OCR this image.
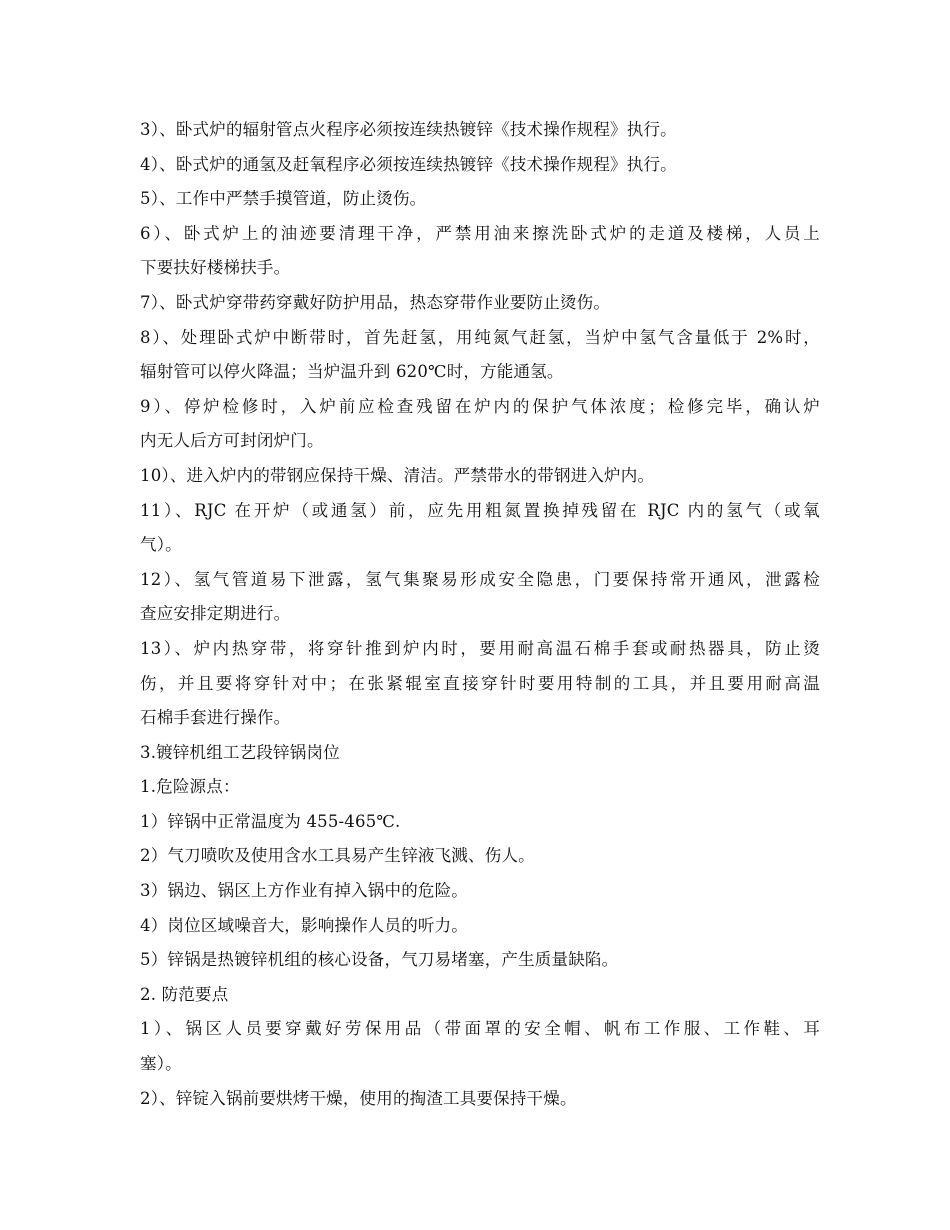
3）、卧式炉的辐射管点火程序必须按连续热镀锌《技术操作规程》执行。
4）、卧式炉的通氢及赶氧程序必须按连续热镀锌《技术操作规程》执行。
5）、工作中严禁手摸管道，防止烫伤。
6）、卧式炉上的油迹要清理干净，严禁用油来擦洗卧式炉的走道及楼梯，人员上
下要扶好楼梯扶手。
7）、卧式炉穿带药穿戴好防护用品，热态穿带作业要防止烫伤。
8）、处理卧式炉中断带时，首先赶氢，用纯氮气赶氢，当炉中氢气含量低于 2%时，
辐射管可以停火降温；当炉温升到 620℃时，方能通氢。
9）、停炉检修时，入炉前应检查残留在炉内的保护气体浓度；检修完毕，确认炉
内无人后方可封闭炉门。
10）、进入炉内的带钢应保持干燥、清洁。严禁带水的带钢进入炉内。
11）、RJC 在开炉（或通氢）前，应先用粗氮置换掉残留在 RJC 内的氢气（或氧
气）。
12）、氢气管道易下泄露，氢气集聚易形成安全隐患，门要保持常开通风，泄露检
查应安排定期进行。
13）、炉内热穿带，将穿针推到炉内时，要用耐高温石棉手套或耐热器具，防止烫
伤，并且要将穿针对中；在张紧辊室直接穿针时要用特制的工具，并且要用耐高温
石棉手套进行操作。
3.镀锌机组工艺段锌锅岗位
1.危险源点：
1）锌锅中正常温度为 455-465℃.
2）气刀喷吹及使用含水工具易产生锌液飞溅、伤人。
3）锅边、锅区上方作业有掉入锅中的危险。
4）岗位区域噪音大，影响操作人员的听力。
5）锌锅是热镀锌机组的核心设备，气刀易堵塞，产生质量缺陷。
2. 防范要点
1）、锅区人员要穿戴好劳保用品（带面罩的安全帽、帆布工作服、工作鞋、耳
塞）。
2）、锌锭入锅前要烘烤干燥，使用的掏渣工具要保持干燥。
